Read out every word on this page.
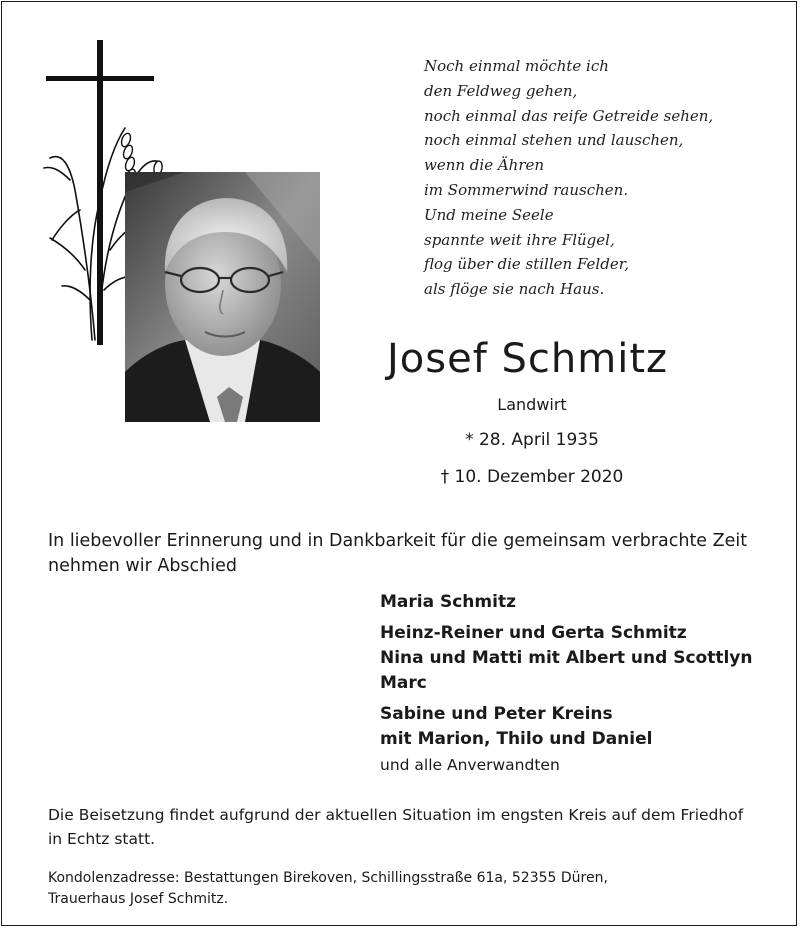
Noch einmal möchte ich
den Feldweg gehen,
noch einmal das reife Getreide sehen,
noch einmal stehen und lauschen,
wenn die Ähren
im Sommerwind rauschen.
Und meine Seele
spannte weit ihre Flügel,
flog über die stillen Felder,
als flöge sie nach Haus.
Josef Schmitz
Landwirt
* 28. April 1935
† 10. Dezember 2020
In liebevoller Erinnerung und in Dankbarkeit für die gemeinsam verbrachte Zeit
nehmen wir Abschied
Maria Schmitz
Heinz-Reiner und Gerta Schmitz
Nina und Matti mit Albert und Scottlyn
Marc
Sabine und Peter Kreins
mit Marion, Thilo und Daniel
und alle Anverwandten
Die Beisetzung findet aufgrund der aktuellen Situation im engsten Kreis auf dem Friedhof
in Echtz statt.
Kondolenzadresse: Bestattungen Birekoven, Schillingsstraße 61a, 52355 Düren,
Trauerhaus Josef Schmitz.
